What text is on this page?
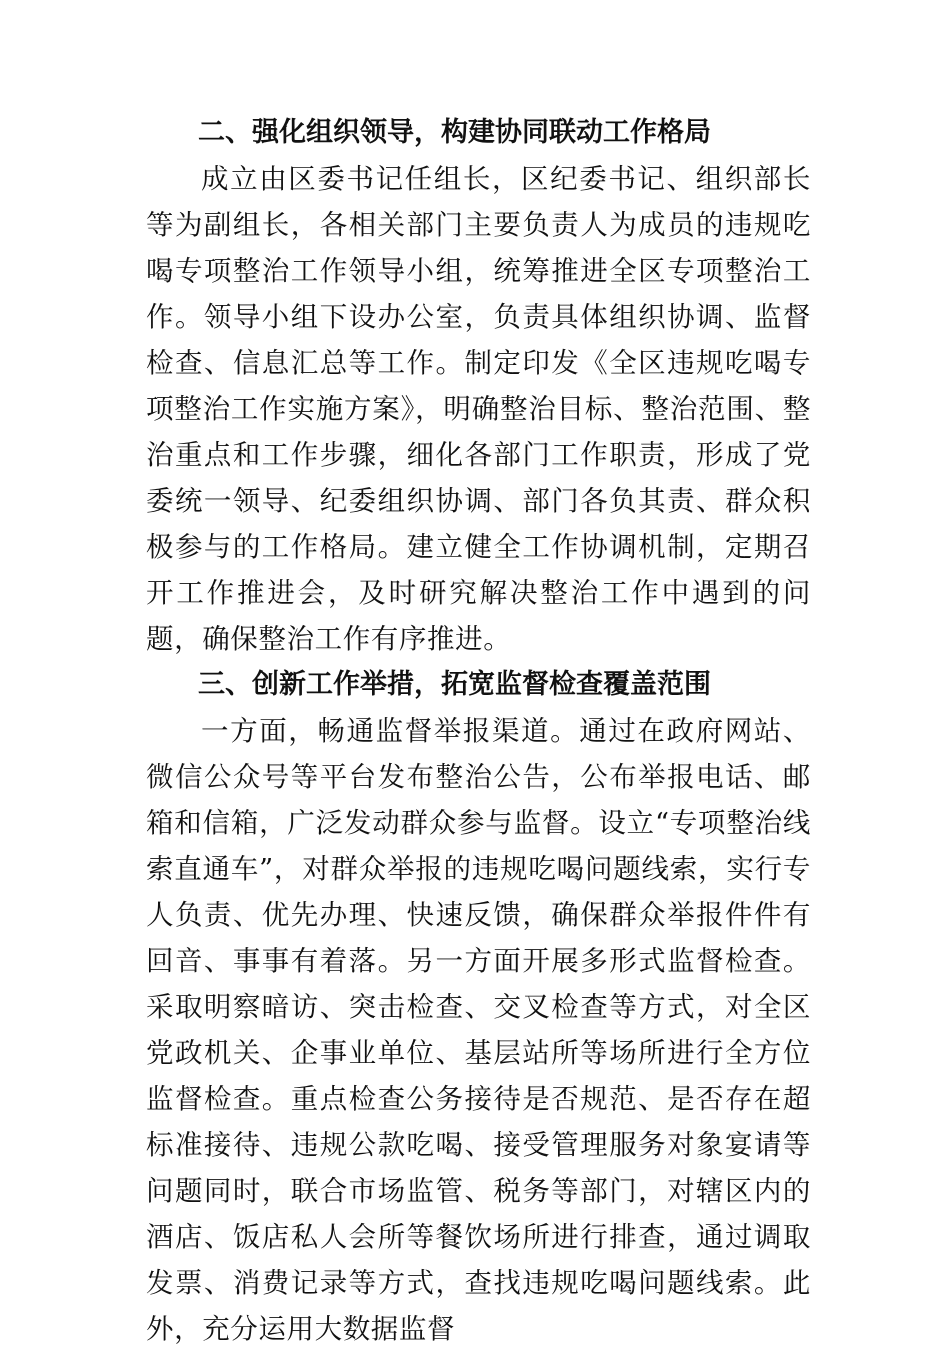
二、强化组织领导，构建协同联动工作格局

成立由区委书记任组长，区纪委书记、组织部长等为副组长，各相关部门主要负责人为成员的违规吃喝专项整治工作领导小组，统筹推进全区专项整治工作。领导小组下设办公室，负责具体组织协调、监督检查、信息汇总等工作。制定印发《全区违规吃喝专项整治工作实施方案》，明确整治目标、整治范围、整治重点和工作步骤，细化各部门工作职责，形成了党委统一领导、纪委组织协调、部门各负其责、群众积极参与的工作格局。建立健全工作协调机制，定期召开工作推进会，及时研究解决整治工作中遇到的问题，确保整治工作有序推进。

三、创新工作举措，拓宽监督检查覆盖范围

一方面，畅通监督举报渠道。通过在政府网站、微信公众号等平台发布整治公告，公布举报电话、邮箱和信箱，广泛发动群众参与监督。设立“专项整治线索直通车”，对群众举报的违规吃喝问题线索，实行专人负责、优先办理、快速反馈，确保群众举报件件有回音、事事有着落。另一方面开展多形式监督检查。采取明察暗访、突击检查、交叉检查等方式，对全区党政机关、企事业单位、基层站所等场所进行全方位监督检查。重点检查公务接待是否规范、是否存在超标准接待、违规公款吃喝、接受管理服务对象宴请等问题同时，联合市场监管、税务等部门，对辖区内的酒店、饭店私人会所等餐饮场所进行排查，通过调取发票、消费记录等方式，查找违规吃喝问题线索。此外，充分运用大数据监督
